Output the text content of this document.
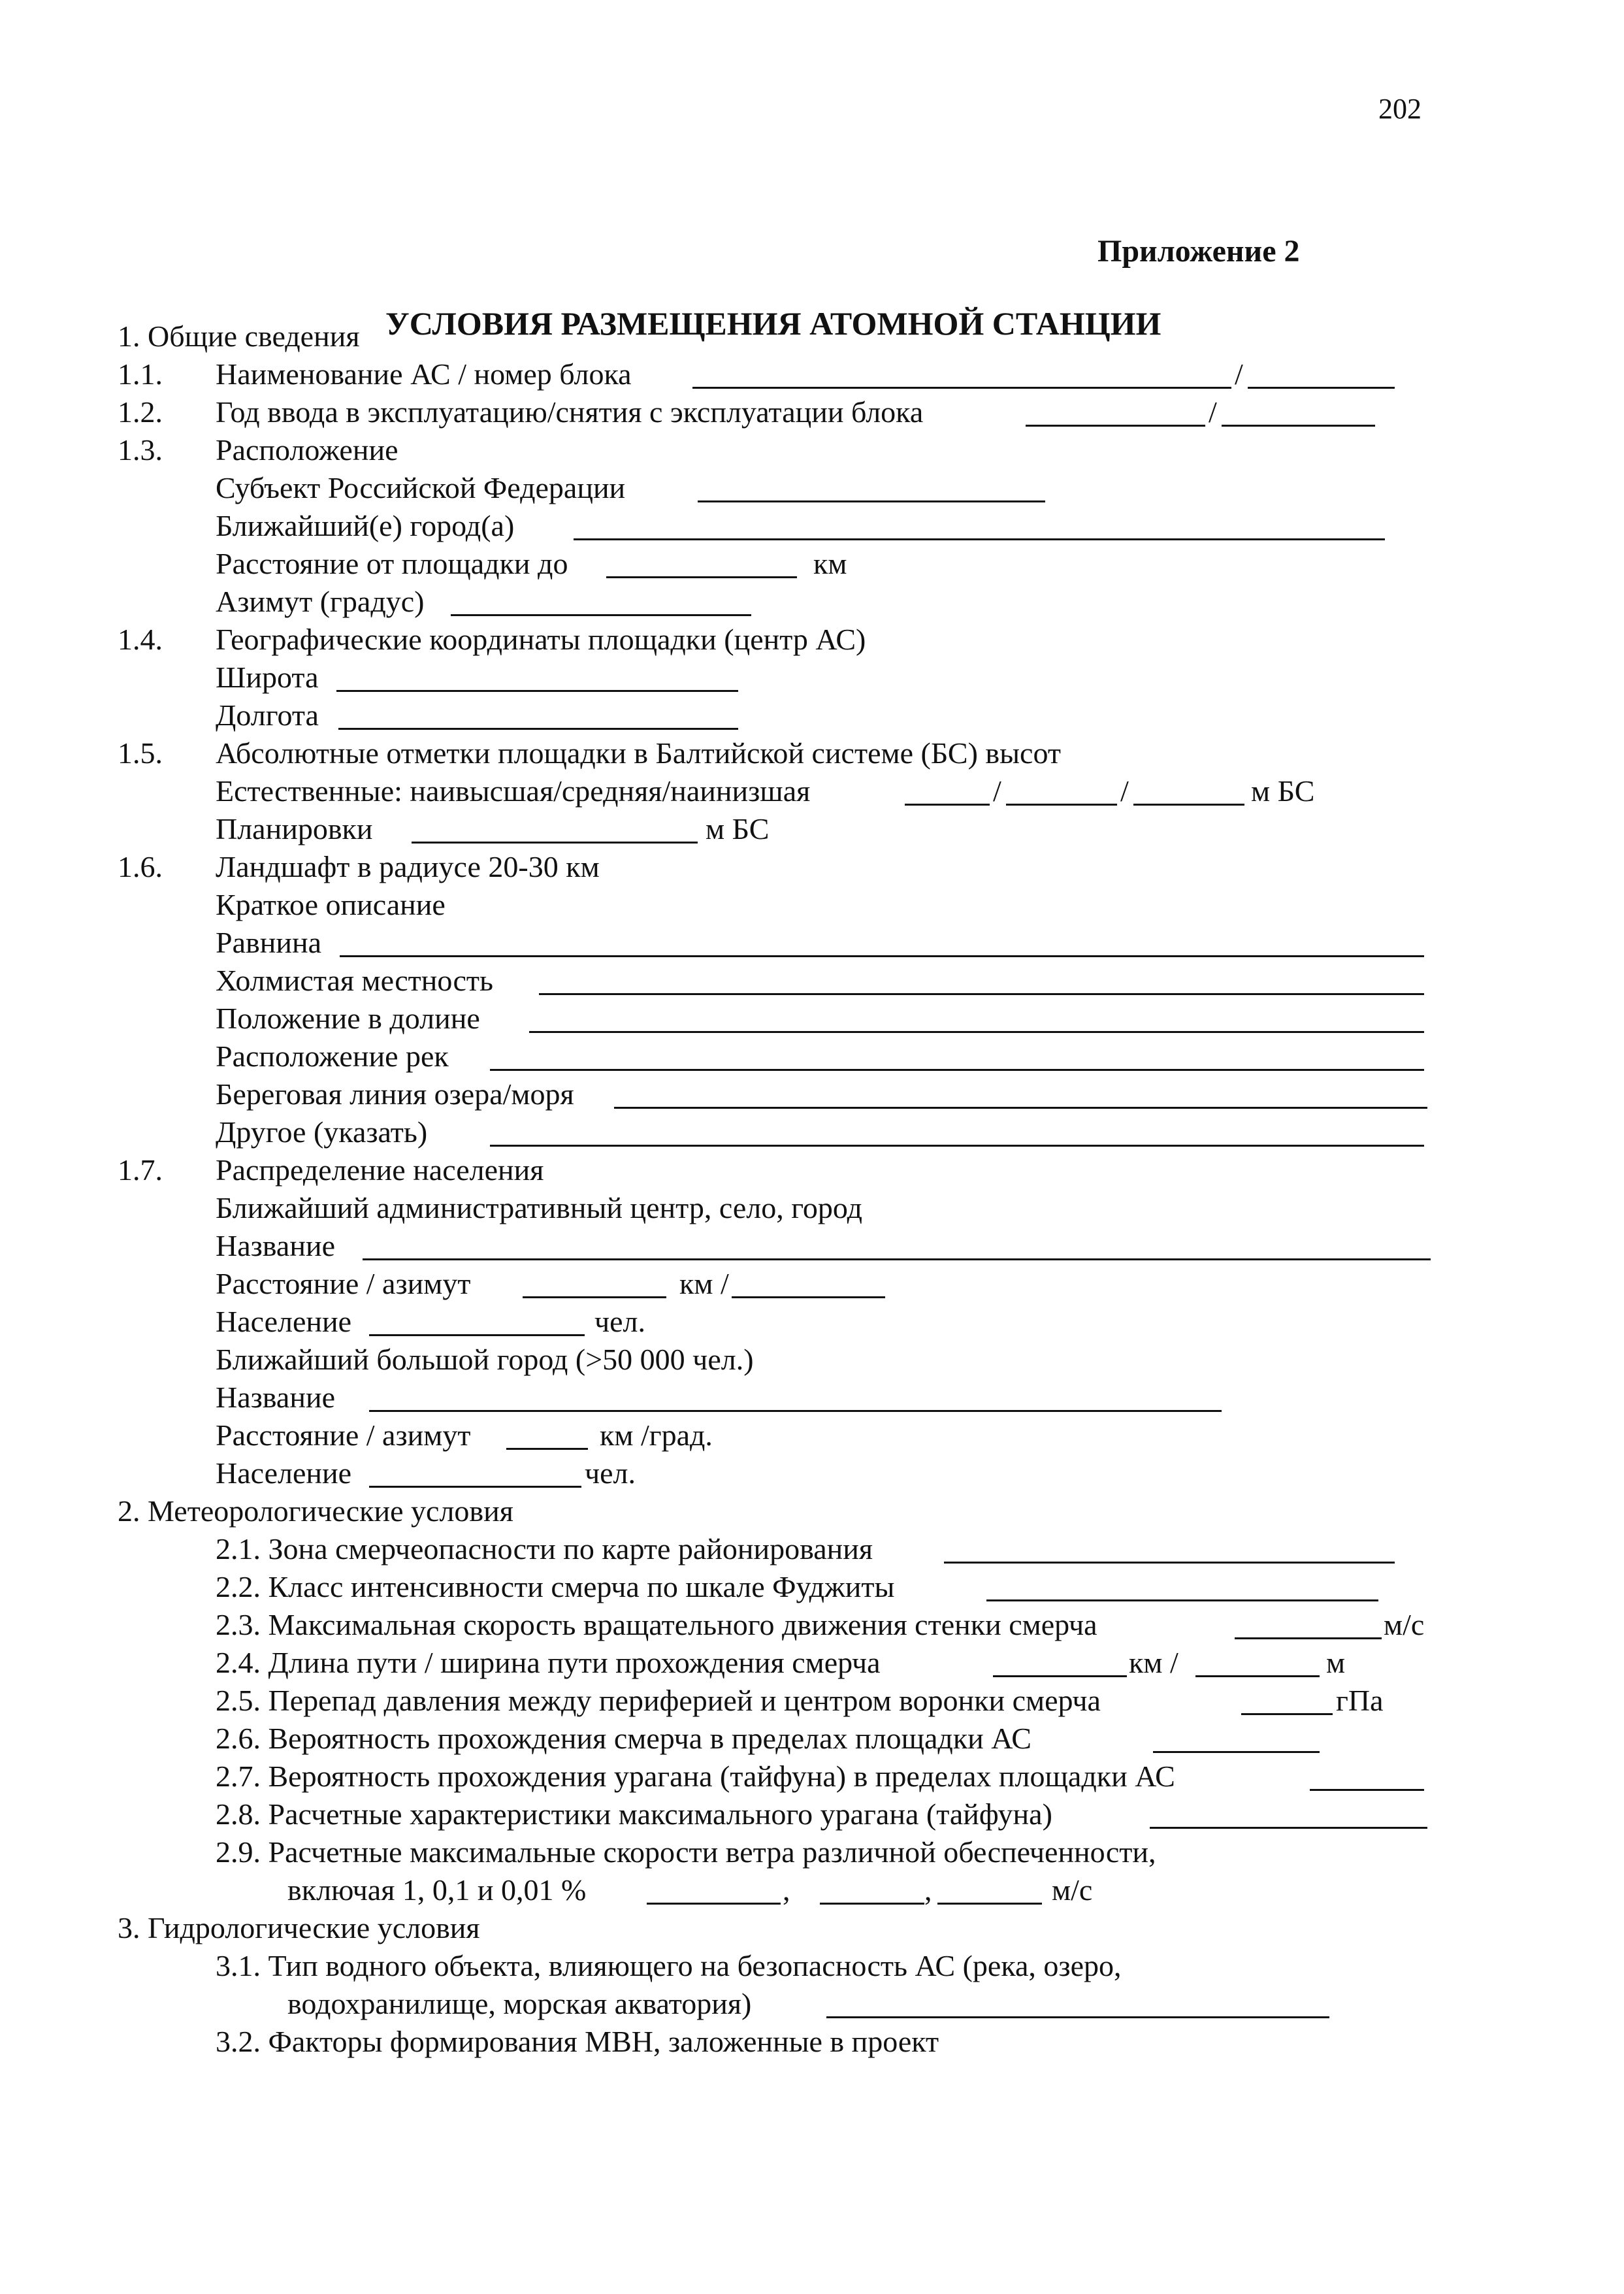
202
Приложение 2
УСЛОВИЯ РАЗМЕЩЕНИЯ АТОМНОЙ СТАНЦИИ
1. Общие сведения
1.1. Наименование АС / номер блока	/
1.2. Год ввода в эксплуатацию/снятия с эксплуатации блока	/
1.3. Расположение
Субъект Российской Федерации
Ближайший(е) город(а)
Расстояние от площадки до	км
Азимут (градус)
1.4. Географические координаты площадки (центр АС)
Широта
Долгота
1.5. Абсолютные отметки площадки в Балтийской системе (БС) высот
Естественные: наивысшая/средняя/наинизшая	/	/	м БС
Планировки	м БС
1.6. Ландшафт в радиусе 20-30 км
Краткое описание
Равнина
Холмистая местность
Положение в долине
Расположение рек
Береговая линия озера/моря
Другое (указать)
1.7. Распределение населения
Ближайший административный центр, село, город
Название
Расстояние / азимут	км /
Население	чел.
Ближайший большой город (>50 000 чел.)
Название
Расстояние / азимут	км /град.
Население	чел.
2. Метеорологические условия
2.1. Зона смерчеопасности по карте районирования
2.2. Класс интенсивности смерча по шкале Фуджиты
2.3. Максимальная скорость вращательного движения стенки смерча	м/с
2.4. Длина пути / ширина пути прохождения смерча	км /	м
2.5. Перепад давления между периферией и центром воронки смерча	гПа
2.6. Вероятность прохождения смерча в пределах площадки АС
2.7. Вероятность прохождения урагана (тайфуна) в пределах площадки АС
2.8. Расчетные характеристики максимального урагана (тайфуна)
2.9. Расчетные максимальные скорости ветра различной обеспеченности,
включая 1, 0,1 и 0,01 %	,	,	м/с
3. Гидрологические условия
3.1. Тип водного объекта, влияющего на безопасность АС (река, озеро,
водохранилище, морская акватория)
3.2. Факторы формирования МВН, заложенные в проект
